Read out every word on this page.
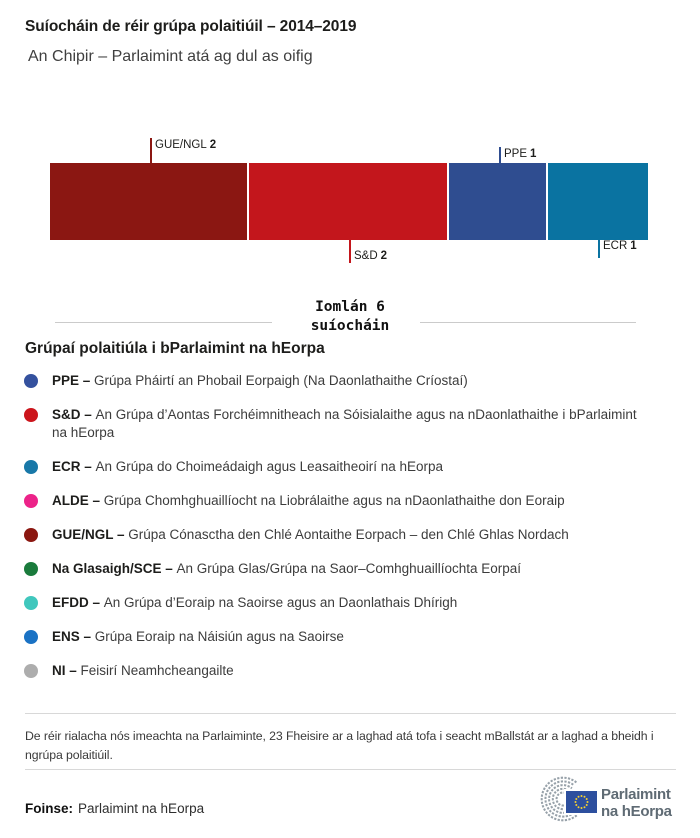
Suíocháin de réir grúpa polaitiúil – 2014–2019
An Chipir – Parlaimint atá ag dul as oifig
GUE/NGL 2
S&D 2
PPE 1
ECR 1
Iomlán 6
suíocháin
Grúpaí polaitiúla i bParlaimint na hEorpa
PPE – Grúpa Pháirtí an Phobail Eorpaigh (Na Daonlathaithe Críostaí)
S&D – An Grúpa d’Aontas Forchéimnitheach na Sóisialaithe agus na nDaonlathaithe i bParlaimint na hEorpa
ECR – An Grúpa do Choimeádaigh agus Leasaitheoirí na hEorpa
ALDE – Grúpa Chomhghuaillíocht na Liobrálaithe agus na nDaonlathaithe don Eoraip
GUE/NGL – Grúpa Cónasctha den Chlé Aontaithe Eorpach – den Chlé Ghlas Nordach
Na Glasaigh/SCE – An Grúpa Glas/Grúpa na Saor–Comhghuaillíochta Eorpaí
EFDD – An Grúpa d’Eoraip na Saoirse agus an Daonlathais Dhírigh
ENS – Grúpa Eoraip na Náisiún agus na Saoirse
NI – Feisirí Neamhcheangailte
De réir rialacha nós imeachta na Parlaiminte, 23 Fheisire ar a laghad atá tofa i seacht mBallstát ar a laghad a bheidh i ngrúpa polaitiúil.
Foinse: Parlaimint na hEorpa
Parlaimint
na hEorpa
